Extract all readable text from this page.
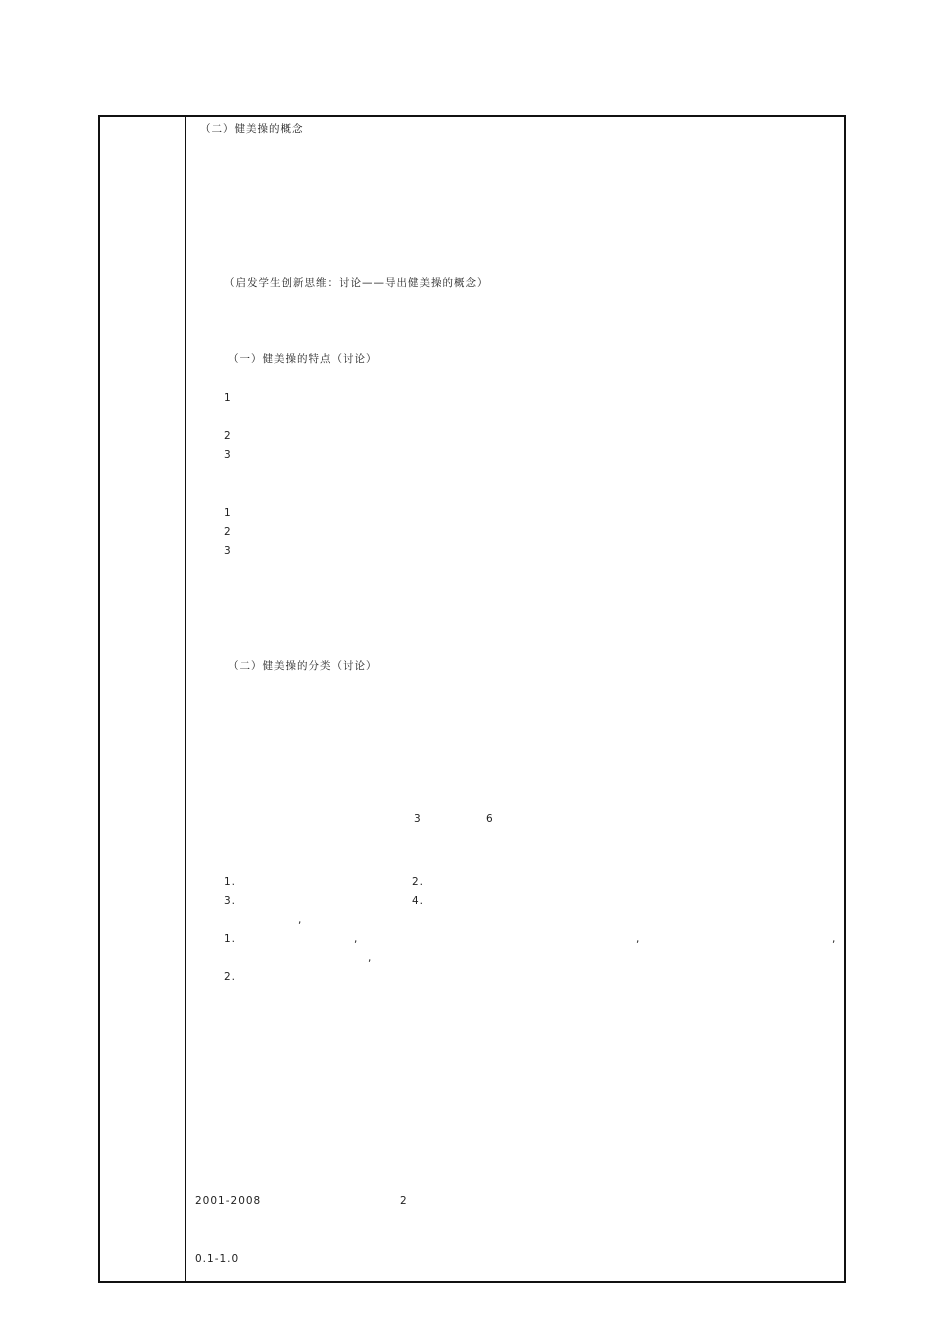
（二）健美操的概念
（启发学生创新思维：讨论——导出健美操的概念）
（一）健美操的特点（讨论）
1
2
3
1
2
3
（二）健美操的分类（讨论）
3	6
1.	2.
3.	4.
,
1.	,	,	,
,
2.
2001-2008	2
0.1-1.0
